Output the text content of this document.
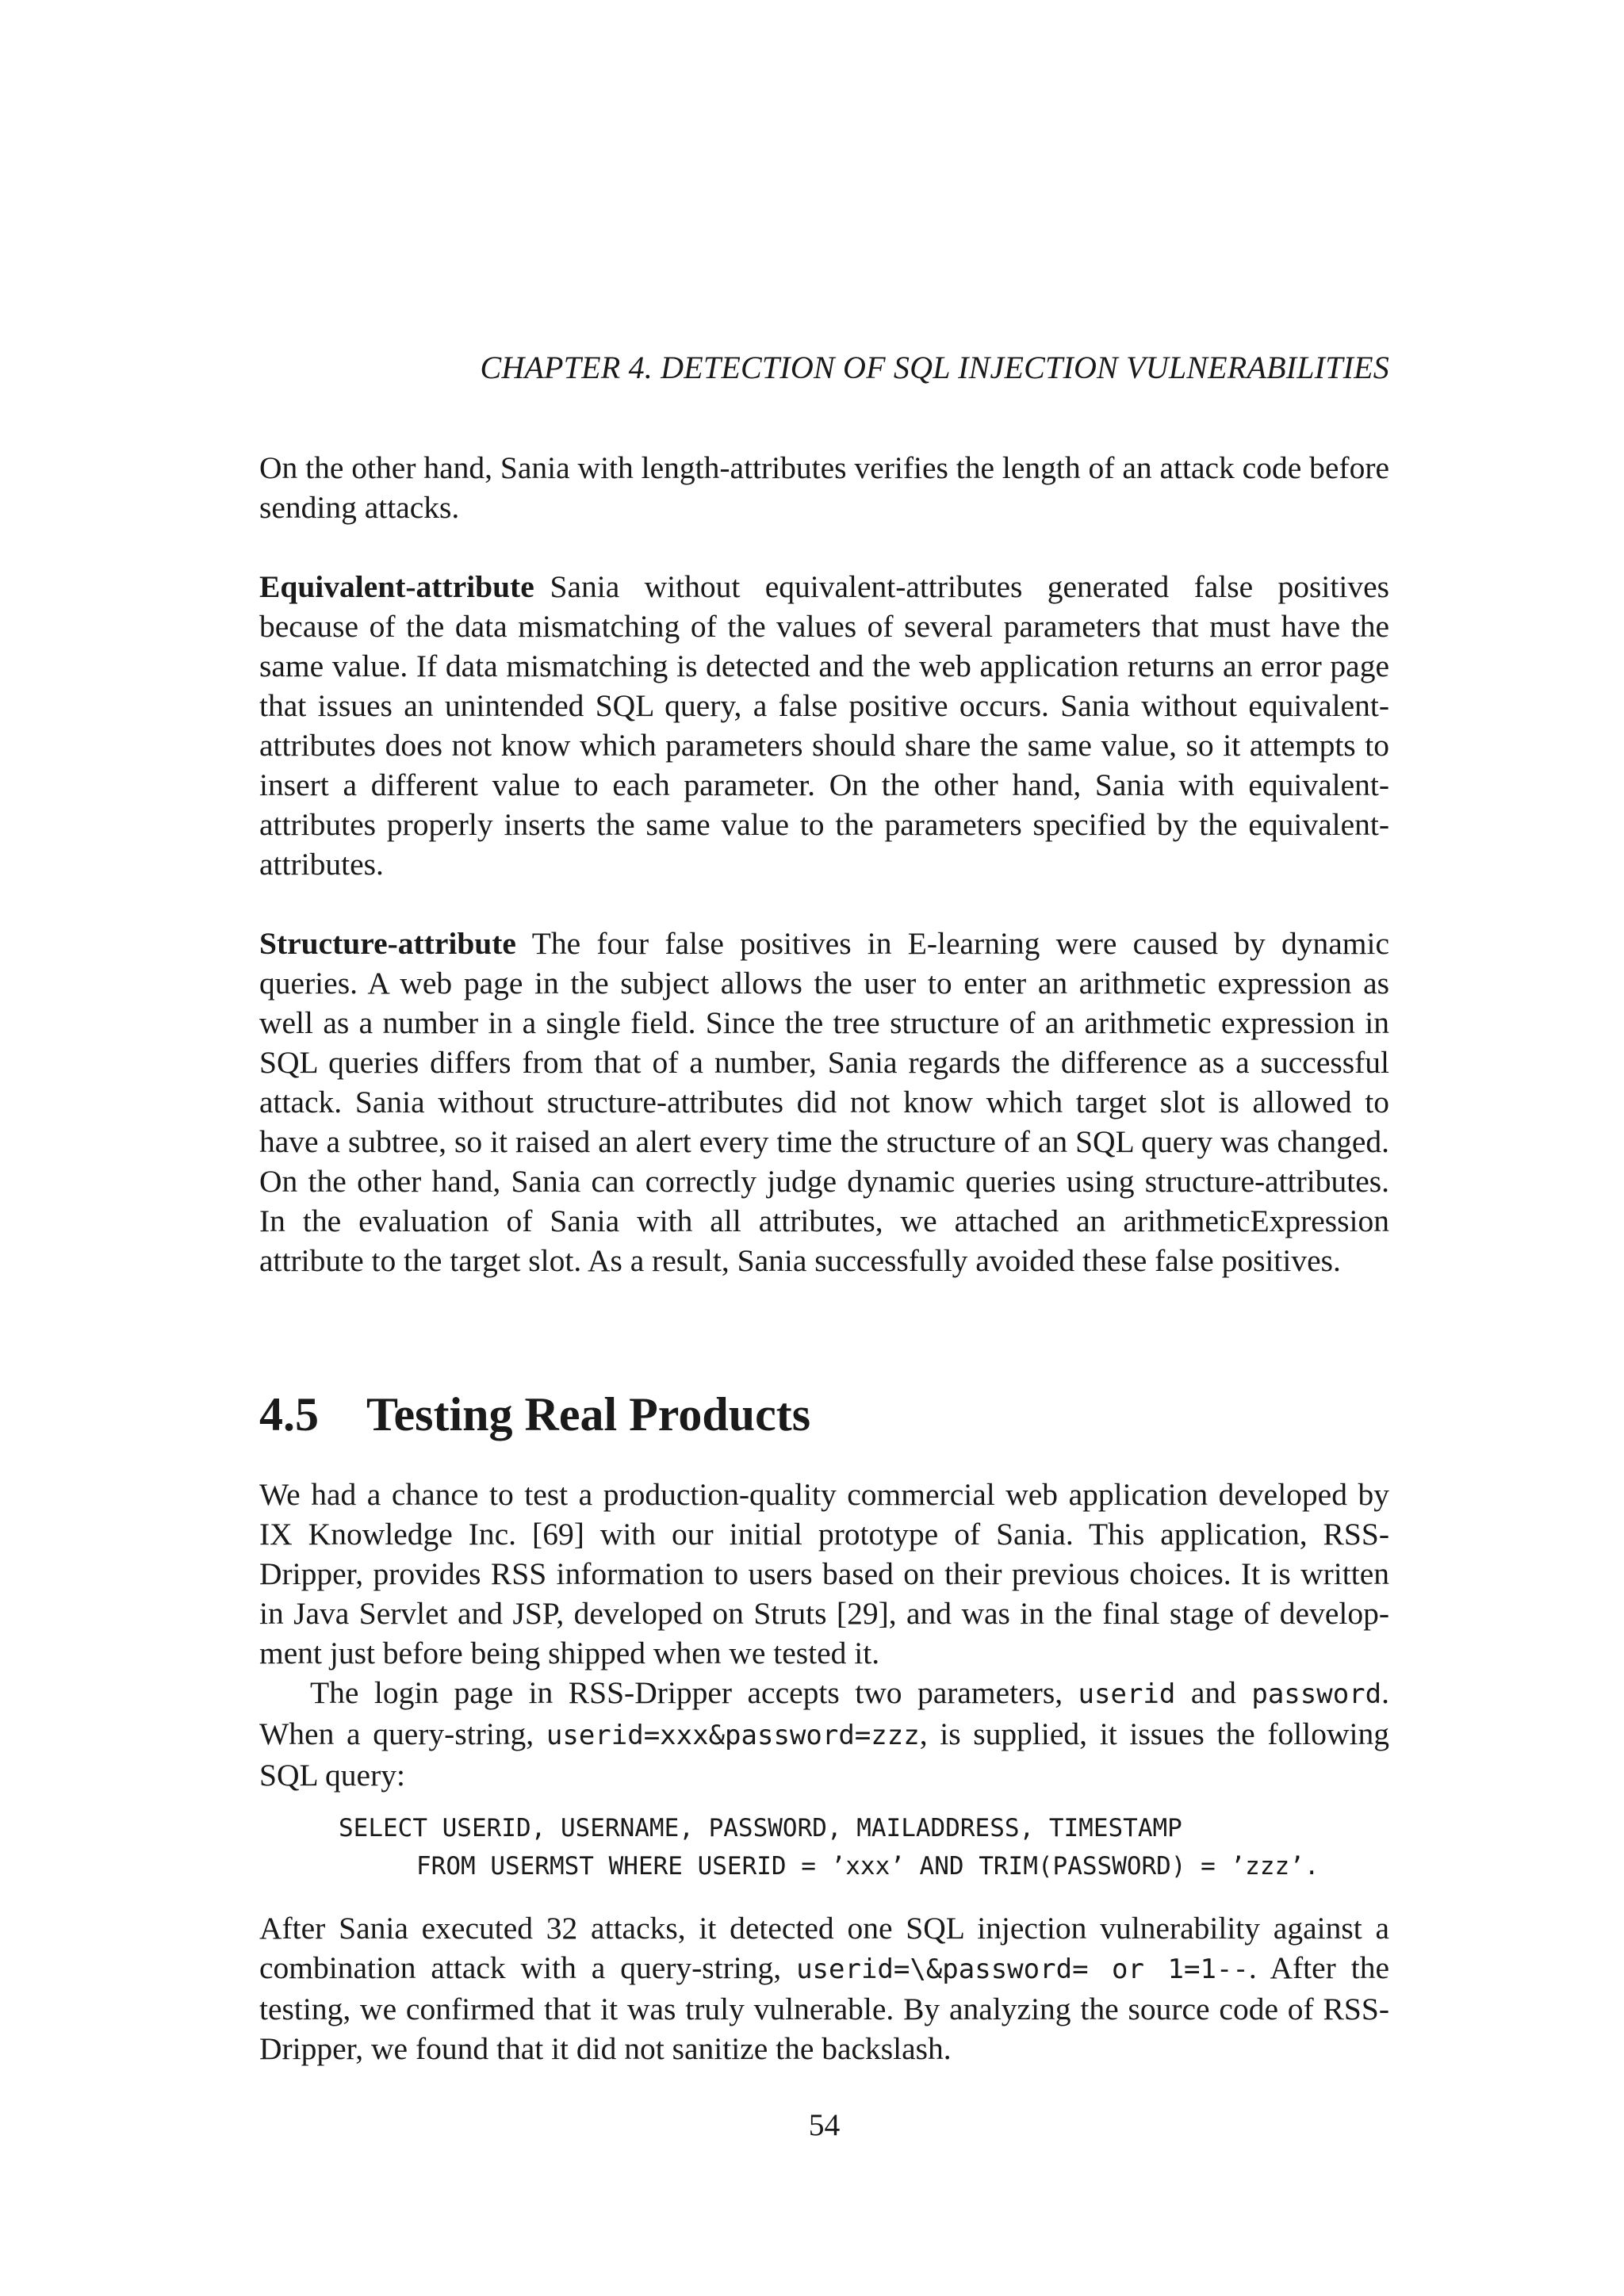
CHAPTER 4. DETECTION OF SQL INJECTION VULNERABILITIES

On the other hand, Sania with length-attributes verifies the length of an attack code before sending attacks.

Equivalent-attribute Sania without equivalent-attributes generated false positives because of the data mismatching of the values of several parameters that must have the same value. If data mismatching is detected and the web application returns an error page that issues an unintended SQL query, a false positive occurs. Sania without equivalent-attributes does not know which parameters should share the same value, so it attempts to insert a different value to each parameter. On the other hand, Sania with equivalent-attributes properly inserts the same value to the parameters specified by the equivalent-attributes.

Structure-attribute The four false positives in E-learning were caused by dynamic queries. A web page in the subject allows the user to enter an arithmetic expression as well as a number in a single field. Since the tree structure of an arithmetic expression in SQL queries differs from that of a number, Sania regards the difference as a successful attack. Sania without structure-attributes did not know which target slot is allowed to have a subtree, so it raised an alert every time the structure of an SQL query was changed. On the other hand, Sania can correctly judge dynamic queries using structure-attributes. In the evaluation of Sania with all attributes, we attached an arithmeticExpression attribute to the target slot. As a result, Sania successfully avoided these false positives.

4.5 Testing Real Products

We had a chance to test a production-quality commercial web application developed by IX Knowledge Inc. [69] with our initial prototype of Sania. This application, RSS-Dripper, provides RSS information to users based on their previous choices. It is written in Java Servlet and JSP, developed on Struts [29], and was in the final stage of development just before being shipped when we tested it.

The login page in RSS-Dripper accepts two parameters, userid and password. When a query-string, userid=xxx&password=zzz, is supplied, it issues the following SQL query:

SELECT USERID, USERNAME, PASSWORD, MAILADDRESS, TIMESTAMP
FROM USERMST WHERE USERID = ’xxx’ AND TRIM(PASSWORD) = ’zzz’.

After Sania executed 32 attacks, it detected one SQL injection vulnerability against a combination attack with a query-string, userid=\&password= or 1=1--. After the testing, we confirmed that it was truly vulnerable. By analyzing the source code of RSS-Dripper, we found that it did not sanitize the backslash.

54
